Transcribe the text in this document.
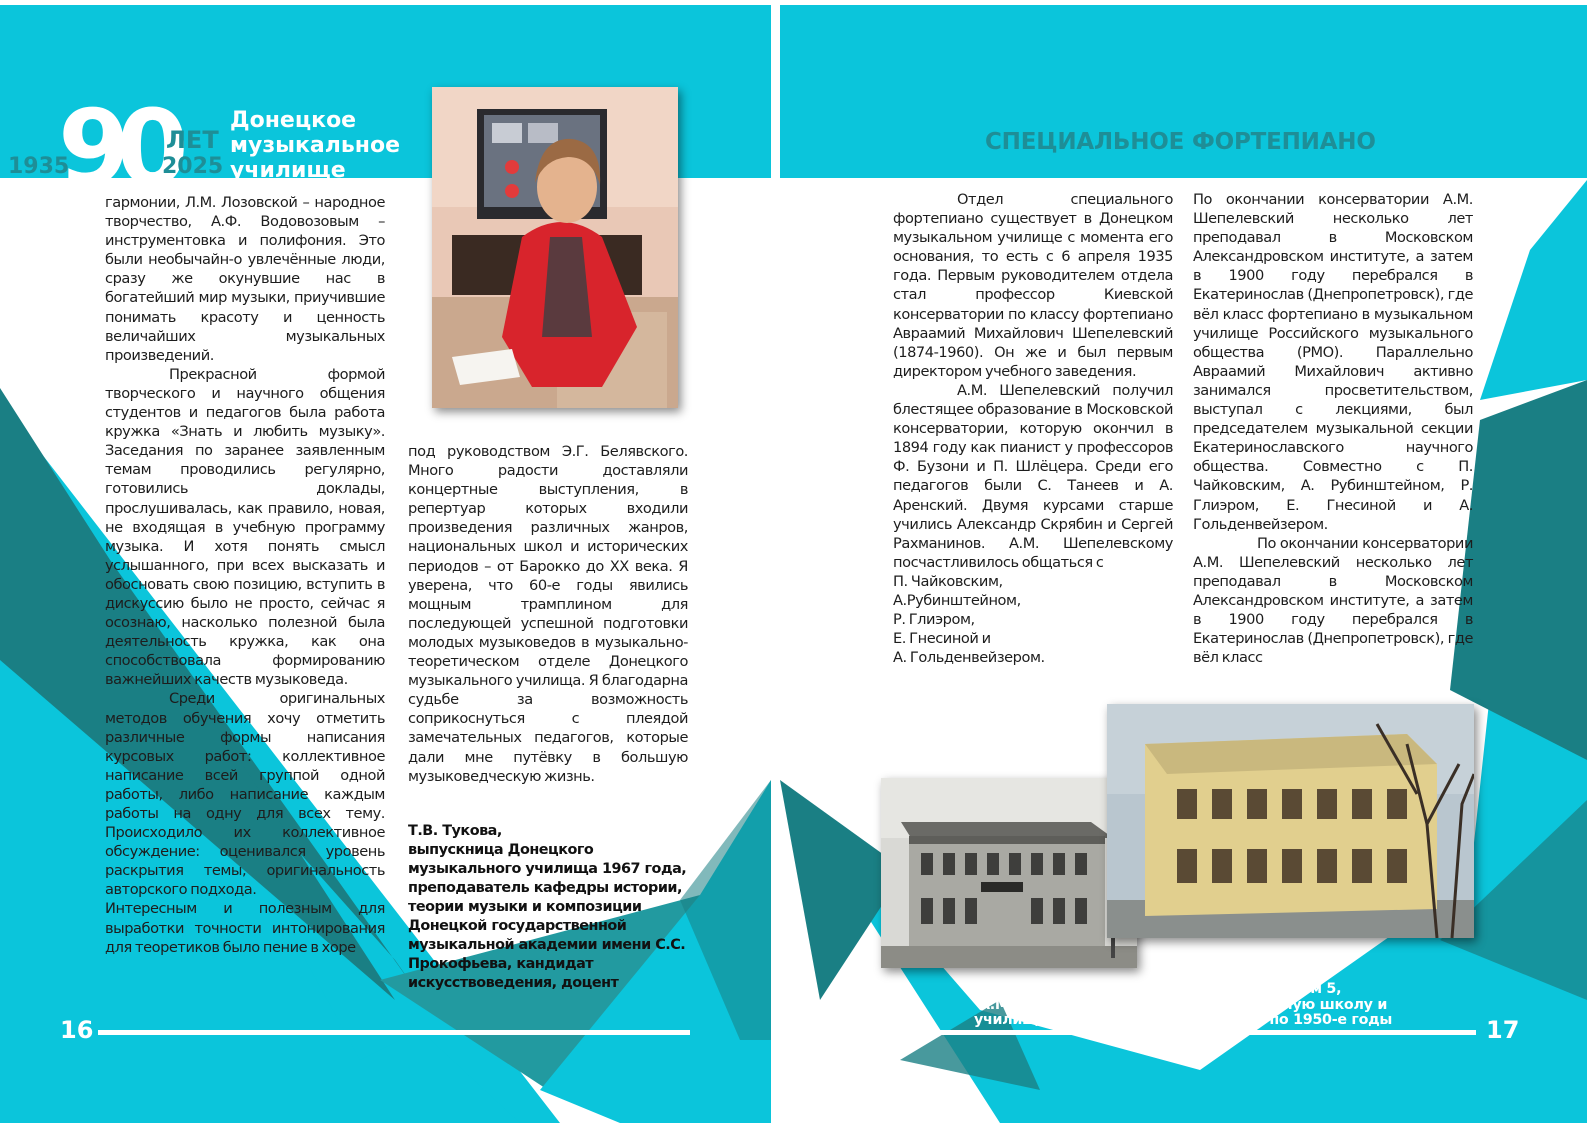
1935
90
ЛЕТ
2025
Донецкое
музыкальное
училище
СПЕЦИАЛЬНОЕ ФОРТЕПИАНО

гармонии, Л.М. Лозовской – народное творчество, А.Ф. Водовозовым – инструментовка и полифония. Это были необычайн-о увлечённые люди, сразу же окунувшие нас в богатейший мир музыки, приучившие понимать красоту и ценность величайших музыкальных произведений.

Прекрасной формой творческого и научного общения студентов и педагогов была работа кружка «Знать и любить музыку». Заседания по заранее заявленным темам проводились регулярно, готовились доклады, прослушивалась, как правило, новая, не входящая в учебную программу музыка. И хотя понять смысл услышанного, при всех высказать и обосновать свою позицию, вступить в дискуссию было не просто, сейчас я осознаю, насколько полезной была деятельность кружка, как она способствовала формированию важнейших качеств музыковеда.

Среди оригинальных методов обучения хочу отметить различные формы написания курсовых работ: коллективное написание всей группой одной работы, либо написание каждым работы на одну для всех тему. Происходило их коллективное обсуждение: оценивался уровень раскрытия темы, оригинальность авторского подхода.

Интересным и полезным для выработки точности интонирования для теоретиков было пение в хоре

под руководством Э.Г. Белявского. Много радости доставляли концертные выступления, в репертуар которых входили произведения различных жанров, национальных школ и исторических периодов – от Барокко до XX века. Я уверена, что 60-е годы явились мощным трамплином для последующей успешной подготовки молодых музыковедов в музыкально-теоретическом отделе Донецкого музыкального училища. Я благодарна судьбе за возможность соприкоснуться с плеядой замечательных педагогов, которые дали мне путёвку в большую музыковедческую жизнь.

Т.В. Тукова,
выпускница Донецкого музыкального училища 1967 года, преподаватель кафедры истории, теории музыки и композиции Донецкой государственной музыкальной академии имени С.С. Прокофьева, кандидат искусствоведения, доцент

Отдел специального фортепиано существует в Донецком музыкальном училище с момента его основания, то есть с 6 апреля 1935 года. Первым руководителем отдела стал профессор Киевской консерватории по классу фортепиано Авраамий Михайлович Шепелевский (1874-1960). Он же и был первым директором учебного заведения.

А.М. Шепелевский получил блестящее образование в Московской консерватории, которую окончил в 1894 году как пианист у профессоров Ф. Бузони и П. Шлёцера. Среди его педагогов были С. Танеев и А. Аренский. Двумя курсами старше учились Александр Скрябин и Сергей Рахманинов. А.М. Шепелевскому посчастливилось общаться с

П. Чайковским,

А.Рубинштейном,

Р. Глиэром,

Е. Гнесиной и

А. Гольденвейзером.

По окончании консерватории А.М. Шепелевский несколько лет преподавал в Московском Александровском институте, а затем в 1900 году перебрался в Екатеринослав (Днепропетровск), где вёл класс фортепиано в музыкальном училище Российского музыкального общества (РМО). Параллельно Авраамий Михайлович активно занимался просветительством, выступал с лекциями, был председателем музыкальной секции Екатеринославского научного общества. Совместно с П. Чайковским, А. Рубинштейном, Р. Глиэром, Е. Гнесиной и А. Гольденвейзером.

По окончании консерватории А.М. Шепелевский несколько лет преподавал в Московском Александровском институте, а затем в 1900 году перебрался в Екатеринослав (Днепропетровск), где вёл класс

В этом здании на улице Артёма, дом 5,
А.М. Шепелевский основал музыкальную школу и
училище, где преподавал с 1935-го по 1950-е годы
16	17
